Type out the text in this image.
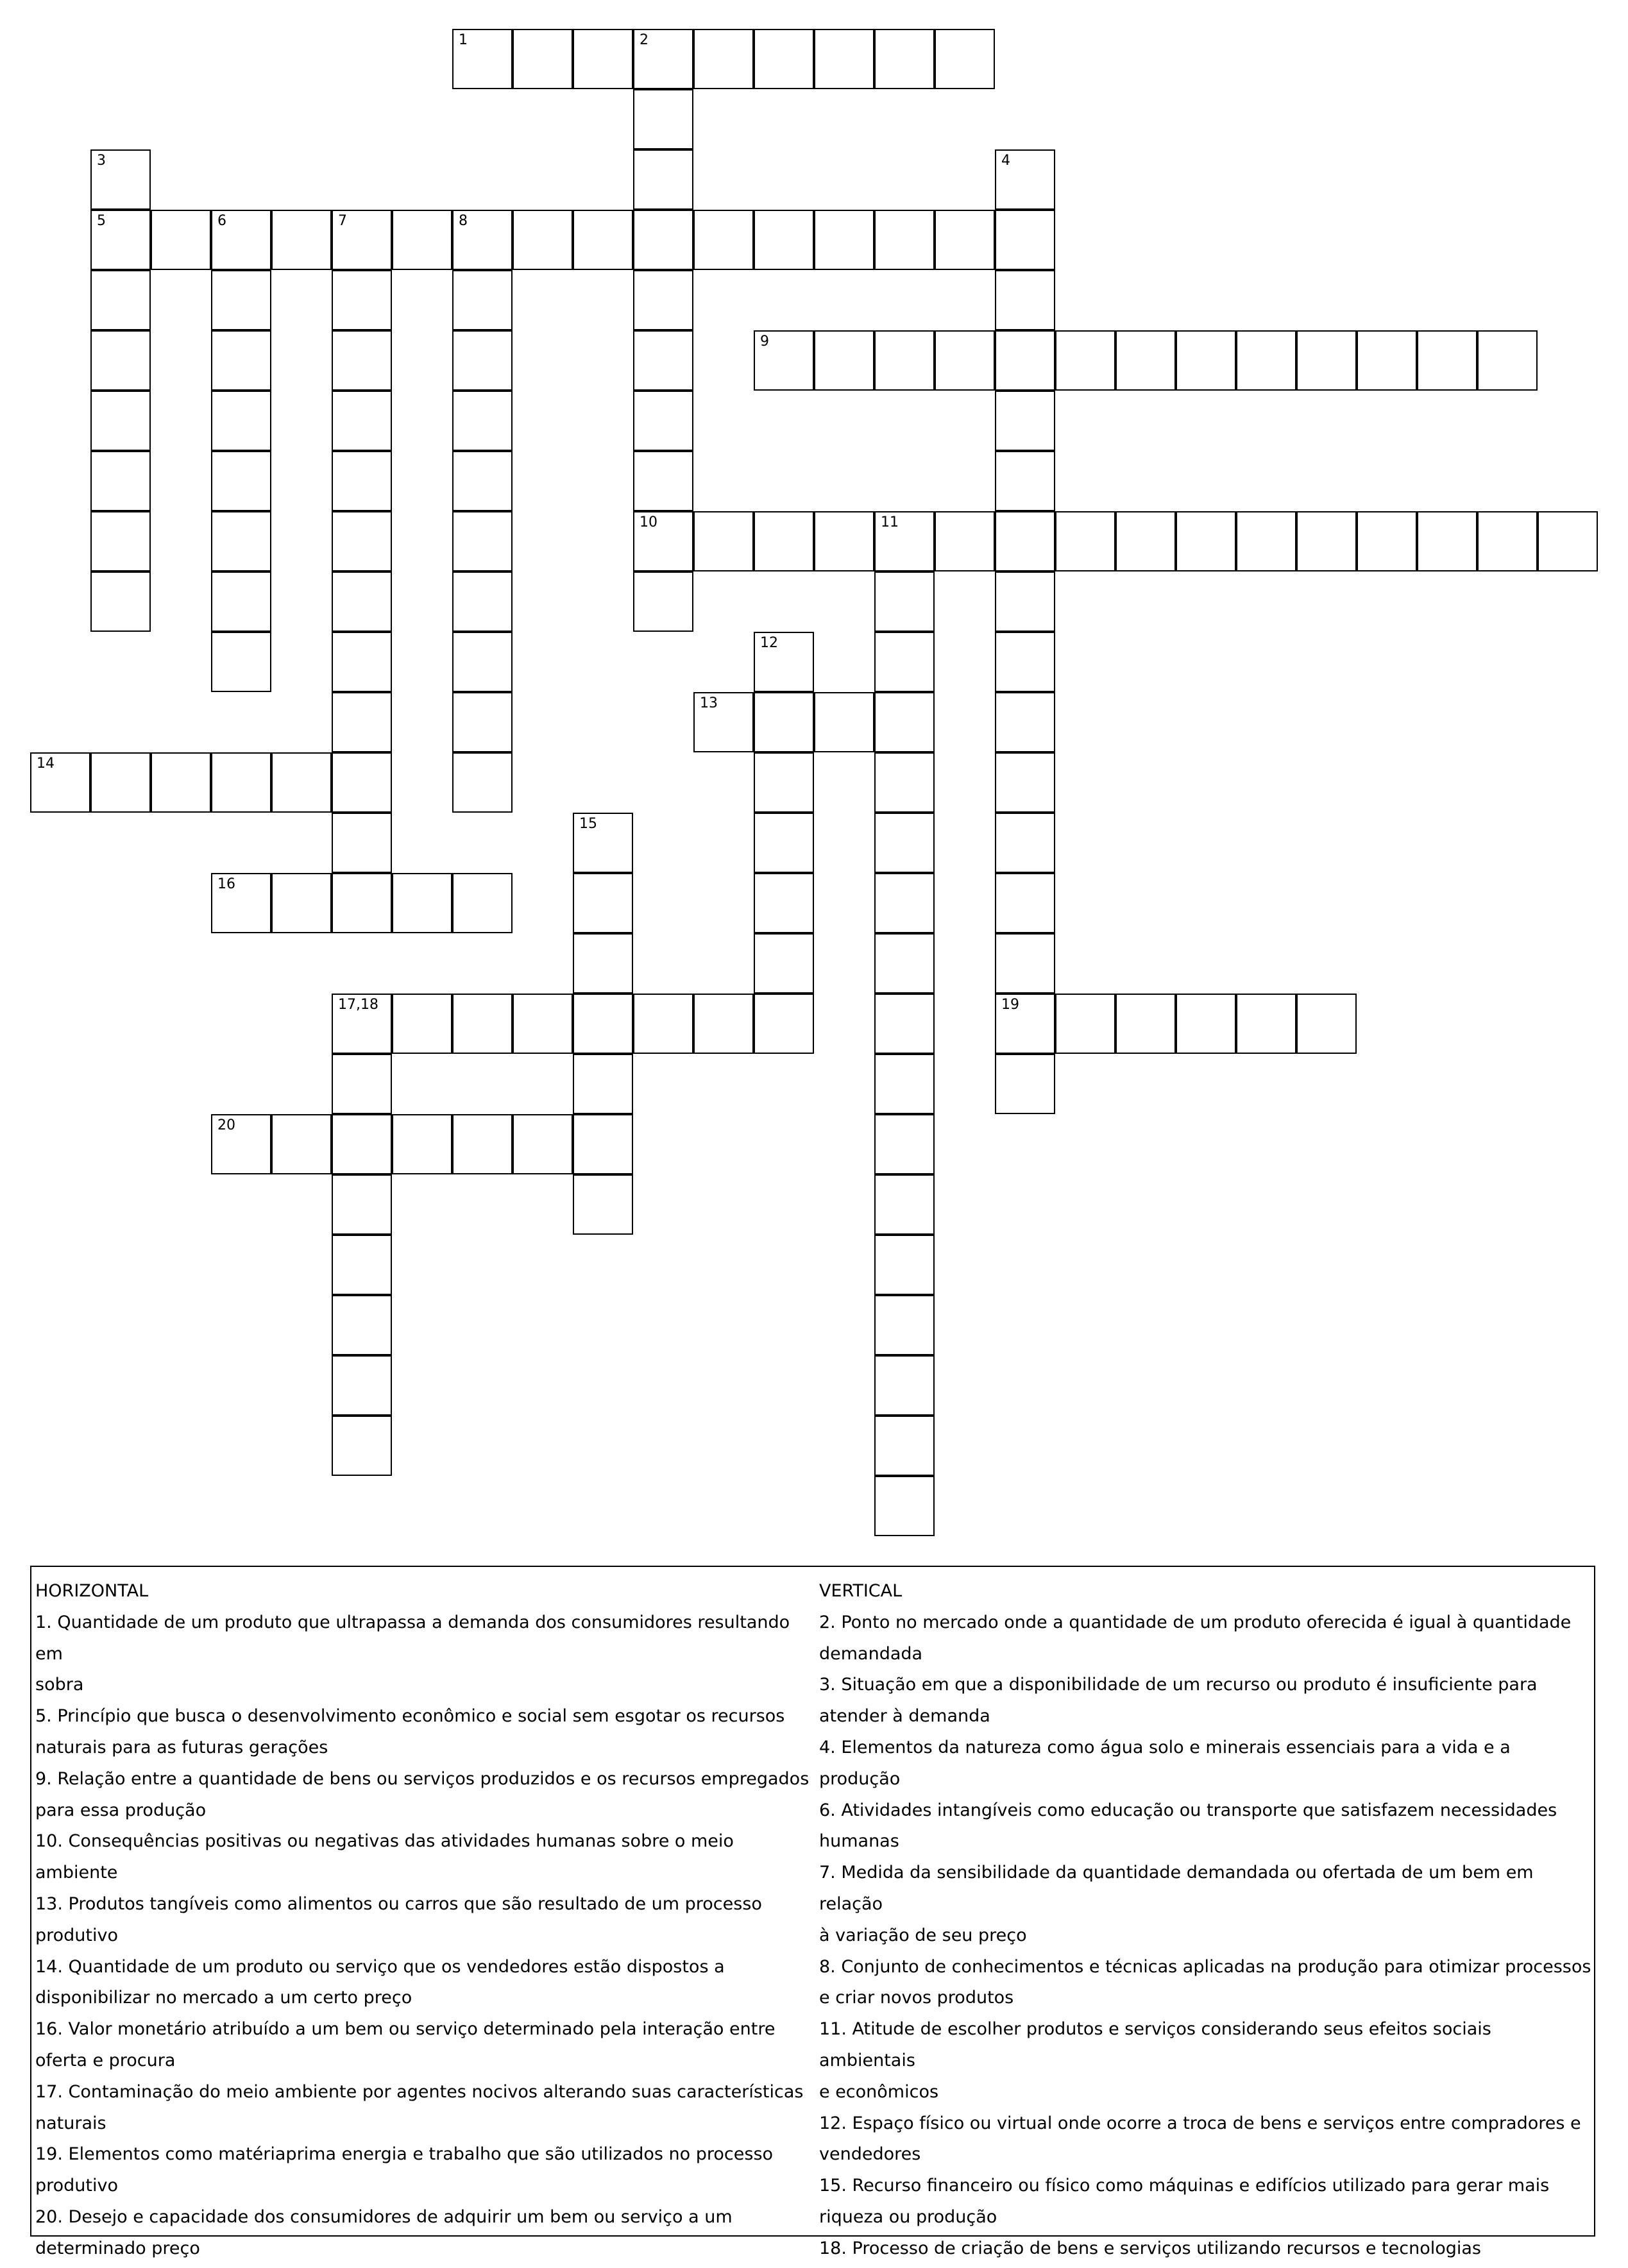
1	2
3	4
5	6	7	8
9
10	11
12
13
14
15
16
17,18	19
20

HORIZONTAL

1. Quantidade de um produto que ultrapassa a demanda dos consumidores resultando em

sobra

5. Princípio que busca o desenvolvimento econômico e social sem esgotar os recursos

naturais para as futuras gerações

9. Relação entre a quantidade de bens ou serviços produzidos e os recursos empregados

para essa produção

10. Consequências positivas ou negativas das atividades humanas sobre o meio ambiente

13. Produtos tangíveis como alimentos ou carros que são resultado de um processo

produtivo

14. Quantidade de um produto ou serviço que os vendedores estão dispostos a

disponibilizar no mercado a um certo preço

16. Valor monetário atribuído a um bem ou serviço determinado pela interação entre

oferta e procura

17. Contaminação do meio ambiente por agentes nocivos alterando suas características

naturais

19. Elementos como matériaprima energia e trabalho que são utilizados no processo

produtivo

20. Desejo e capacidade dos consumidores de adquirir um bem ou serviço a um

determinado preço

VERTICAL

2. Ponto no mercado onde a quantidade de um produto oferecida é igual à quantidade

demandada

3. Situação em que a disponibilidade de um recurso ou produto é insuficiente para

atender à demanda

4. Elementos da natureza como água solo e minerais essenciais para a vida e a produção

6. Atividades intangíveis como educação ou transporte que satisfazem necessidades

humanas

7. Medida da sensibilidade da quantidade demandada ou ofertada de um bem em relação

à variação de seu preço

8. Conjunto de conhecimentos e técnicas aplicadas na produção para otimizar processos

e criar novos produtos

11. Atitude de escolher produtos e serviços considerando seus efeitos sociais ambientais

e econômicos

12. Espaço físico ou virtual onde ocorre a troca de bens e serviços entre compradores e

vendedores

15. Recurso financeiro ou físico como máquinas e edifícios utilizado para gerar mais

riqueza ou produção

18. Processo de criação de bens e serviços utilizando recursos e tecnologias
